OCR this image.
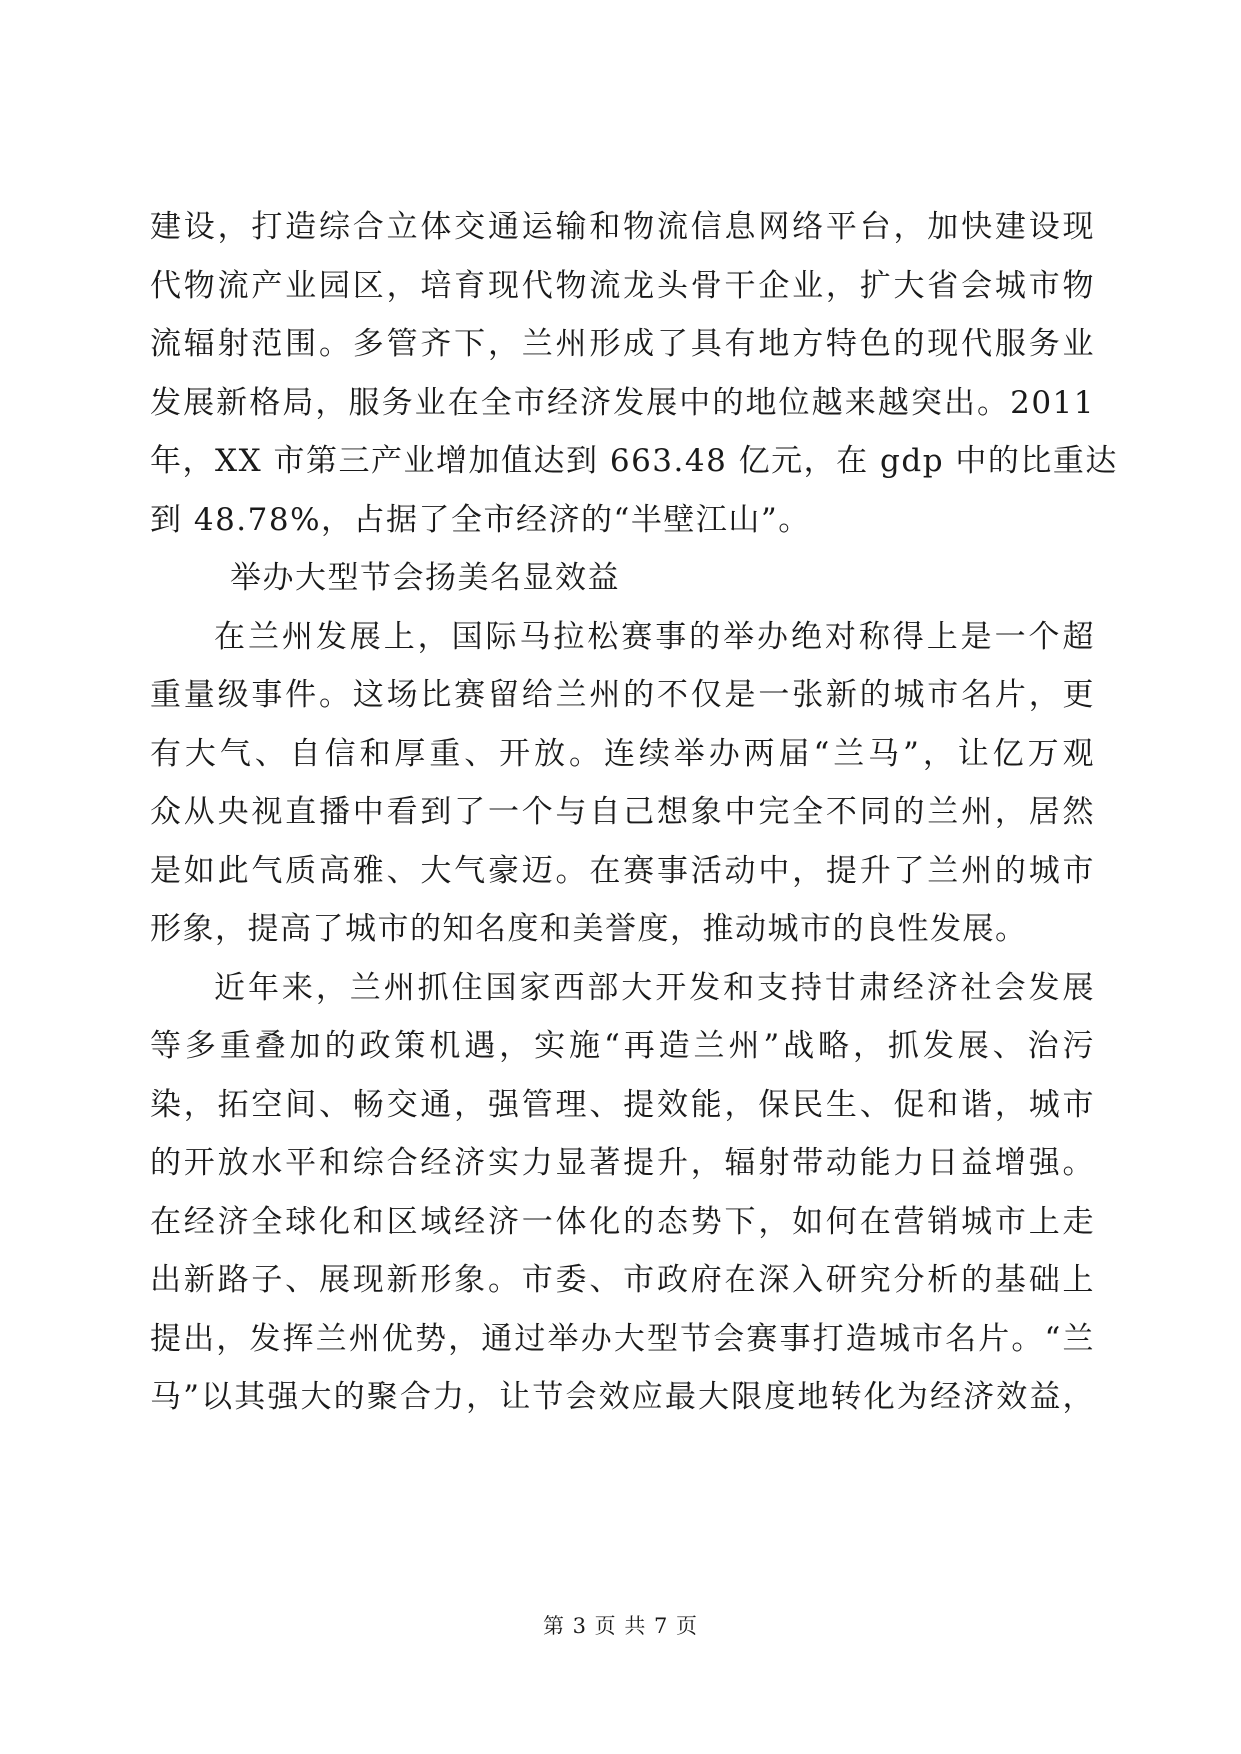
建设，打造综合立体交通运输和物流信息网络平台，加快建设现
代物流产业园区，培育现代物流龙头骨干企业，扩大省会城市物
流辐射范围。多管齐下，兰州形成了具有地方特色的现代服务业
发展新格局，服务业在全市经济发展中的地位越来越突出。2011
年，XX 市第三产业增加值达到 663.48 亿元，在 gdp 中的比重达
到 48.78%，占据了全市经济的“半壁江山”。
举办大型节会扬美名显效益
在兰州发展上，国际马拉松赛事的举办绝对称得上是一个超
重量级事件。这场比赛留给兰州的不仅是一张新的城市名片，更
有大气、自信和厚重、开放。连续举办两届“兰马”，让亿万观
众从央视直播中看到了一个与自己想象中完全不同的兰州，居然
是如此气质高雅、大气豪迈。在赛事活动中，提升了兰州的城市
形象，提高了城市的知名度和美誉度，推动城市的良性发展。
近年来，兰州抓住国家西部大开发和支持甘肃经济社会发展
等多重叠加的政策机遇，实施“再造兰州”战略，抓发展、治污
染，拓空间、畅交通，强管理、提效能，保民生、促和谐，城市
的开放水平和综合经济实力显著提升，辐射带动能力日益增强。
在经济全球化和区域经济一体化的态势下，如何在营销城市上走
出新路子、展现新形象。市委、市政府在深入研究分析的基础上
提出，发挥兰州优势，通过举办大型节会赛事打造城市名片。“兰
马”以其强大的聚合力，让节会效应最大限度地转化为经济效益，
第 3 页 共 7 页
